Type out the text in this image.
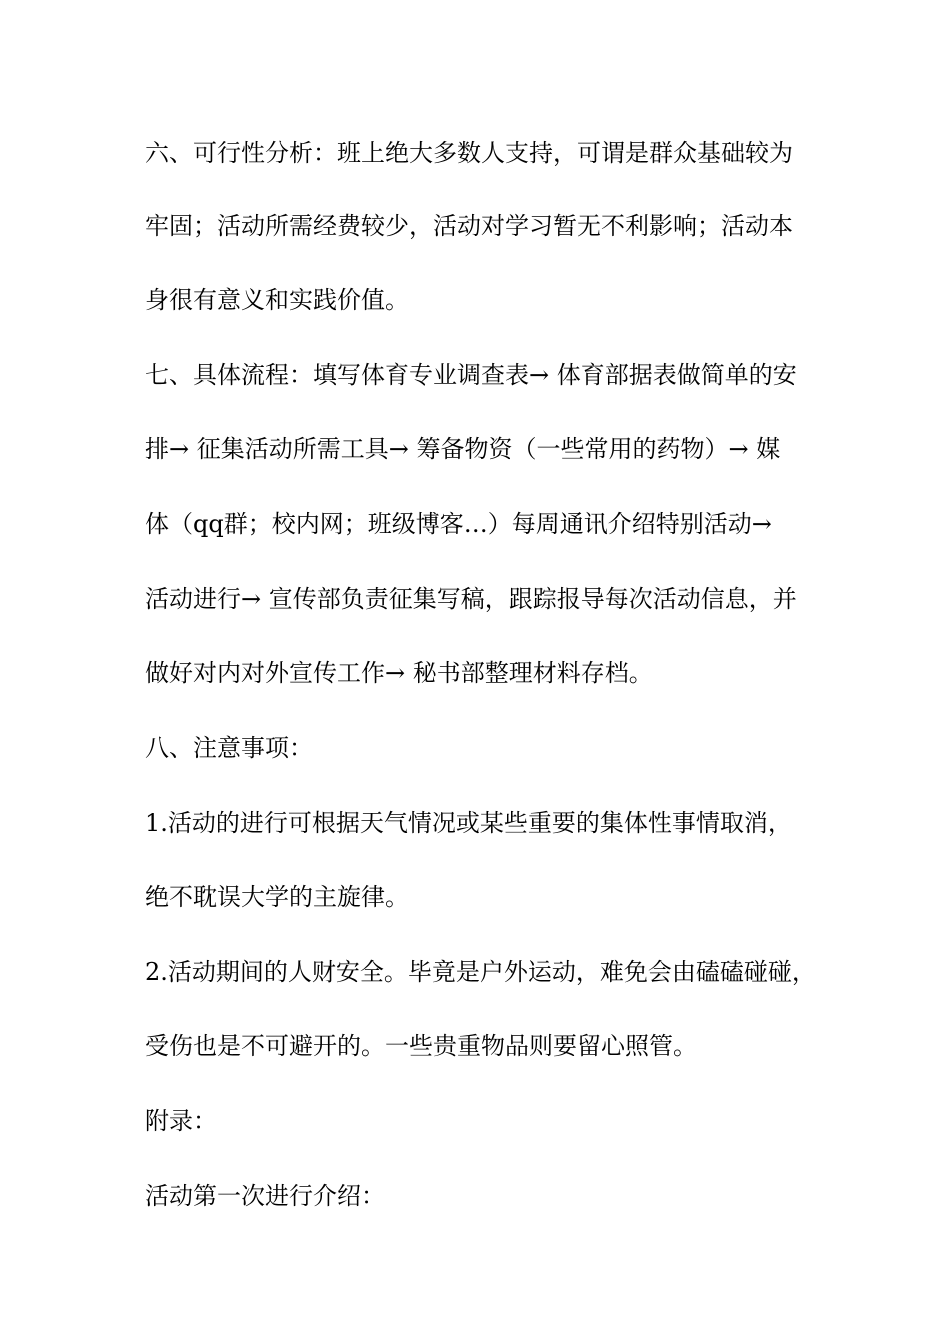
六、可行性分析：班上绝大多数人支持，可谓是群众基础较为
牢固；活动所需经费较少，活动对学习暂无不利影响；活动本
身很有意义和实践价值。
七、具体流程：填写体育专业调查表→ 体育部据表做简单的安
排→ 征集活动所需工具→ 筹备物资（一些常用的药物）→ 媒
体（qq群；校内网；班级博客…）每周通讯介绍特别活动→
活动进行→ 宣传部负责征集写稿，跟踪报导每次活动信息，并
做好对内对外宣传工作→ 秘书部整理材料存档。
八、注意事项：
1.活动的进行可根据天气情况或某些重要的集体性事情取消，
绝不耽误大学的主旋律。
2.活动期间的人财安全。毕竟是户外运动，难免会由磕磕碰碰，
受伤也是不可避开的。一些贵重物品则要留心照管。
附录：
活动第一次进行介绍：
